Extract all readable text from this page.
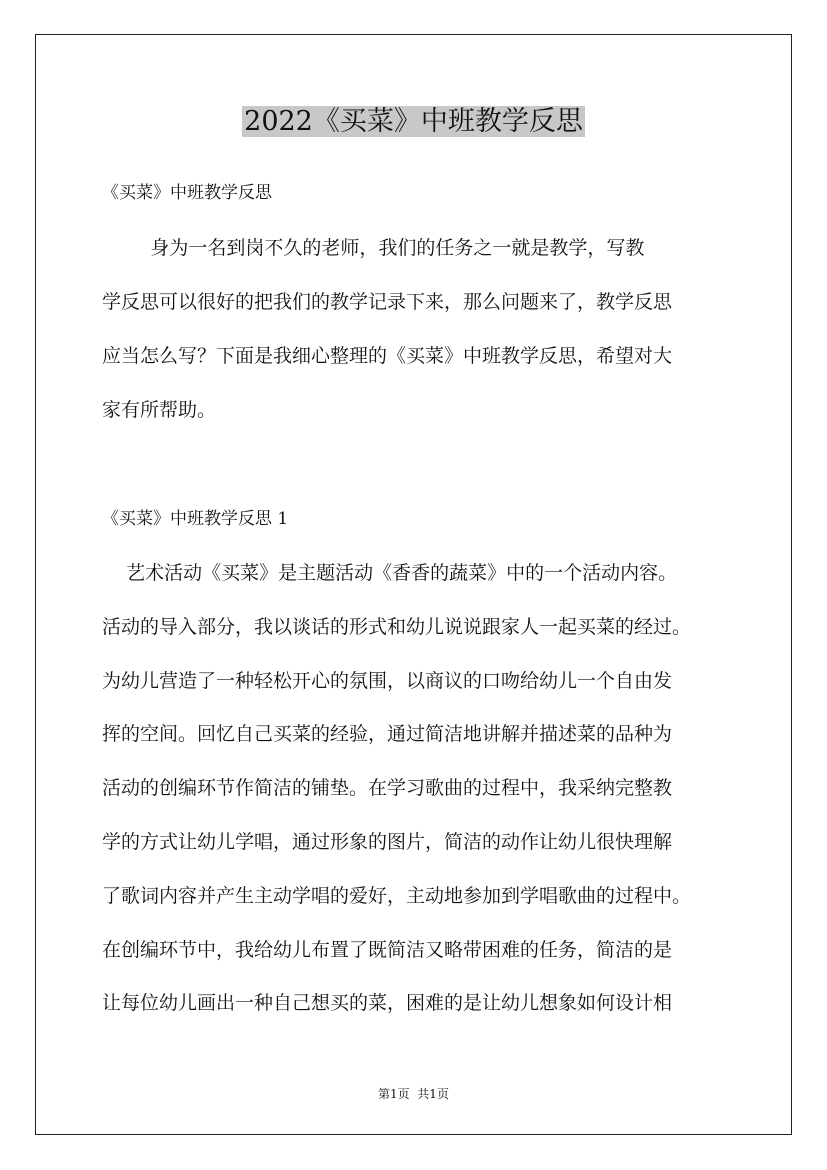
2022《买菜》中班教学反思
《买菜》中班教学反思
身为一名到岗不久的老师，我们的任务之一就是教学，写教
学反思可以很好的把我们的教学记录下来，那么问题来了，教学反思
应当怎么写？下面是我细心整理的《买菜》中班教学反思，希望对大
家有所帮助。
《买菜》中班教学反思 1
艺术活动《买菜》是主题活动《香香的蔬菜》中的一个活动内容。
活动的导入部分，我以谈话的形式和幼儿说说跟家人一起买菜的经过。
为幼儿营造了一种轻松开心的氛围，以商议的口吻给幼儿一个自由发
挥的空间。回忆自己买菜的经验，通过简洁地讲解并描述菜的品种为
活动的创编环节作简洁的铺垫。在学习歌曲的过程中，我采纳完整教
学的方式让幼儿学唱，通过形象的图片，简洁的动作让幼儿很快理解
了歌词内容并产生主动学唱的爱好，主动地参加到学唱歌曲的过程中。
在创编环节中，我给幼儿布置了既简洁又略带困难的任务，简洁的是
让每位幼儿画出一种自己想买的菜，困难的是让幼儿想象如何设计相
第1页  共1页
